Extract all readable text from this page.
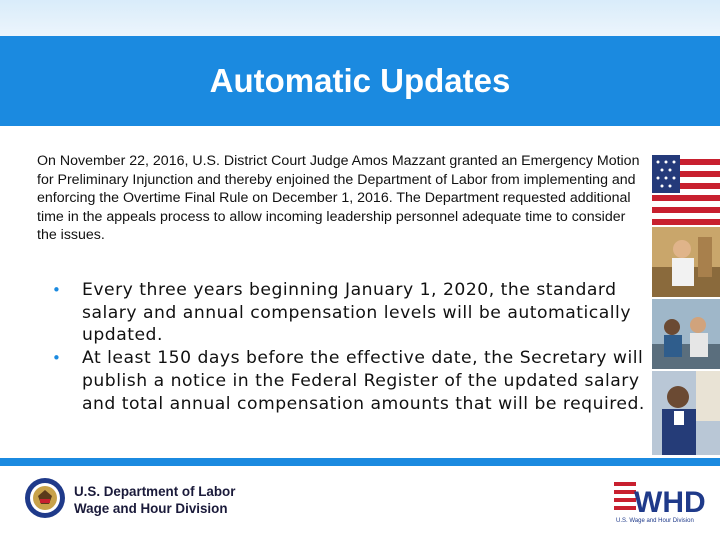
Automatic Updates
On November 22, 2016, U.S. District Court Judge Amos Mazzant granted an Emergency Motion for Preliminary Injunction and thereby enjoined the Department of Labor from implementing and enforcing the Overtime Final Rule on December 1, 2016. The Department requested additional time in the appeals process to allow incoming leadership personnel adequate time to consider the issues.
• Every three years beginning January 1, 2020, the standard salary and annual compensation levels will be automatically updated.
• At least 150 days before the effective date, the Secretary will publish a notice in the Federal Register of the updated salary and total annual compensation amounts that will be required.
U.S. Department of Labor
Wage and Hour Division	WHD
U.S. Wage and Hour Division
